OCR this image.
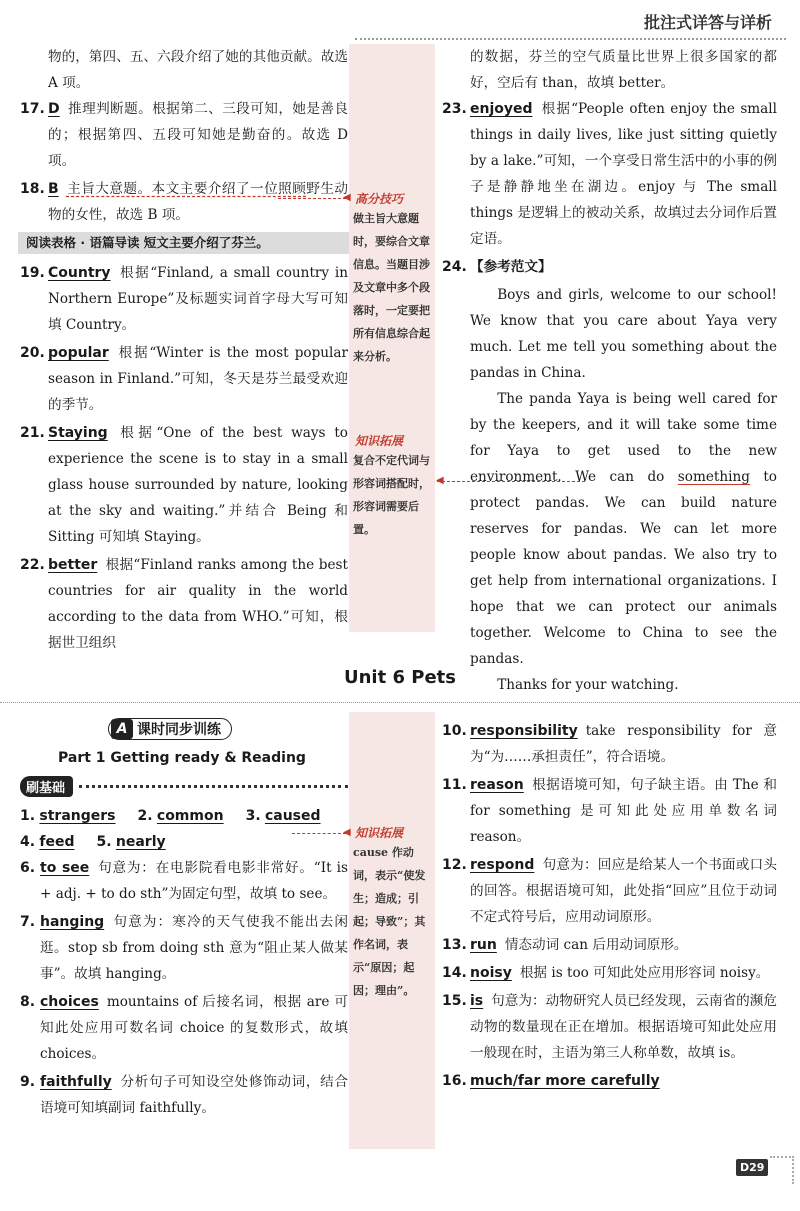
批注式详答与详析
物的，第四、五、六段介绍了她的其他贡献。故选 A 项。
17. D 推理判断题。根据第二、三段可知，她是善良的；根据第四、五段可知她是勤奋的。故选 D 项。
18. B 主旨大意题。本文主要介绍了一位照顾野生动物的女性，故选 B 项。
阅读表格 · 语篇导读 短文主要介绍了芬兰。
19. Country 根据“Finland, a small country in Northern Europe”及标题实词首字母大写可知填 Country。
20. popular 根据“Winter is the most popular season in Finland.”可知，冬天是芬兰最受欢迎的季节。
21. Staying 根据“One of the best ways to experience the scene is to stay in a small glass house surrounded by nature, looking at the sky and waiting.”并结合 Being 和 Sitting 可知填 Staying。
22. better 根据“Finland ranks among the best countries for air quality in the world according to the data from WHO.”可知，根据世卫组织
高分技巧
做主旨大意题时，要综合文章信息。当题目涉及文章中多个段落时，一定要把所有信息综合起来分析。
知识拓展
复合不定代词与形容词搭配时，形容词需要后置。
◀
◀
的数据，芬兰的空气质量比世界上很多国家的都好，空后有 than，故填 better。
23. enjoyed 根据“People often enjoy the small things in daily lives, like just sitting quietly by a lake.”可知，一个享受日常生活中的小事的例子是静静地坐在湖边。enjoy 与 The small things 是逻辑上的被动关系，故填过去分词作后置定语。
24. 【参考范文】
Boys and girls, welcome to our school! We know that you care about Yaya very much. Let me tell you something about the pandas in China.
The panda Yaya is being well cared for by the keepers, and it will take some time for Yaya to get used to the new environment. We can do something to protect pandas. We can build nature reserves for pandas. We can let more people know about pandas. We also try to get help from international organizations. I hope that we can protect our animals together. Welcome to China to see the pandas.
Thanks for your watching.
Unit 6 Pets
A 课时同步训练
Part 1 Getting ready & Reading
刷基础
1. strangers 2. common 3. caused
4. feed 5. nearly
6. to see 句意为：在电影院看电影非常好。“It is + adj. + to do sth”为固定句型，故填 to see。
7. hanging 句意为：寒冷的天气使我不能出去闲逛。stop sb from doing sth 意为“阻止某人做某事”。故填 hanging。
8. choices mountains of 后接名词，根据 are 可知此处应用可数名词 choice 的复数形式，故填 choices。
9. faithfully 分析句子可知设空处修饰动词，结合语境可知填副词 faithfully。
知识拓展
cause 作动词，表示“使发生；造成；引起；导致”；其作名词，表示“原因；起因；理由”。
◀
10. responsibility take responsibility for 意为“为……承担责任”，符合语境。
11. reason 根据语境可知，句子缺主语。由 The 和 for something 是可知此处应用单数名词 reason。
12. respond 句意为：回应是给某人一个书面或口头的回答。根据语境可知，此处指“回应”且位于动词不定式符号后，应用动词原形。
13. run 情态动词 can 后用动词原形。
14. noisy 根据 is too 可知此处应用形容词 noisy。
15. is 句意为：动物研究人员已经发现，云南省的濒危动物的数量现在正在增加。根据语境可知此处应用一般现在时，主语为第三人称单数，故填 is。
16. much/far more carefully
D29
